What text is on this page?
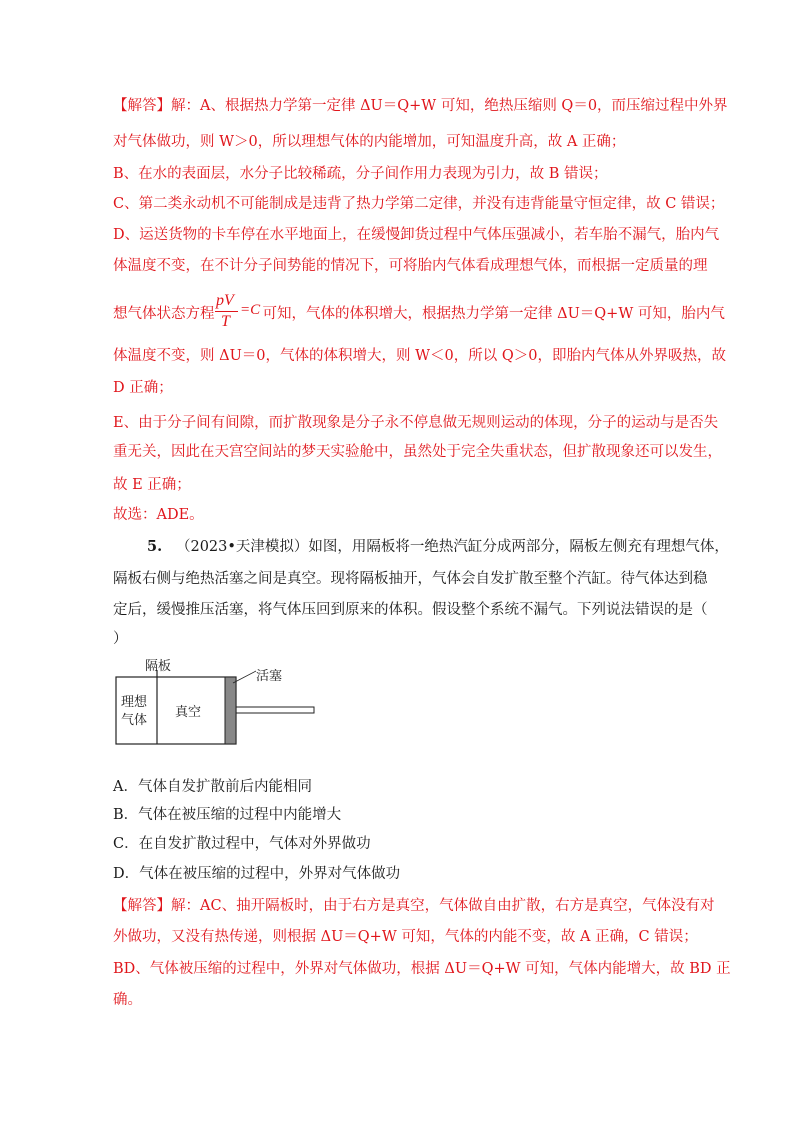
【解答】解：A、根据热力学第一定律 ΔU＝Q+W 可知，绝热压缩则 Q＝0，而压缩过程中外界
对气体做功，则 W＞0，所以理想气体的内能增加，可知温度升高，故 A 正确；
B、在水的表面层，水分子比较稀疏，分子间作用力表现为引力，故 B 错误；
C、第二类永动机不可能制成是违背了热力学第二定律，并没有违背能量守恒定律，故 C 错误；
D、运送货物的卡车停在水平地面上，在缓慢卸货过程中气体压强减小，若车胎不漏气，胎内气
体温度不变，在不计分子间势能的情况下，可将胎内气体看成理想气体，而根据一定质量的理
想气体状态方程	可知，气体的体积增大，根据热力学第一定律 ΔU＝Q+W 可知，胎内气
pV
T
=C
体温度不变，则 ΔU＝0，气体的体积增大，则 W＜0，所以 Q＞0，即胎内气体从外界吸热，故
D 正确；
E、由于分子间有间隙，而扩散现象是分子永不停息做无规则运动的体现，分子的运动与是否失
重无关，因此在天宫空间站的梦天实验舱中，虽然处于完全失重状态，但扩散现象还可以发生，
故 E 正确；
故选：ADE。
5. （2023•天津模拟）如图，用隔板将一绝热汽缸分成两部分，隔板左侧充有理想气体，
隔板右侧与绝热活塞之间是真空。现将隔板抽开，气体会自发扩散至整个汽缸。待气体达到稳
定后，缓慢推压活塞，将气体压回到原来的体积。假设整个系统不漏气。下列说法错误的是（
）
隔板
活塞
理想
气体
真空
A．气体自发扩散前后内能相同
B．气体在被压缩的过程中内能增大
C．在自发扩散过程中，气体对外界做功
D．气体在被压缩的过程中，外界对气体做功
【解答】解：AC、抽开隔板时，由于右方是真空，气体做自由扩散，右方是真空，气体没有对
外做功，又没有热传递，则根据 ΔU＝Q+W 可知，气体的内能不变，故 A 正确，C 错误；
BD、气体被压缩的过程中，外界对气体做功，根据 ΔU＝Q+W 可知，气体内能增大，故 BD 正
确。
